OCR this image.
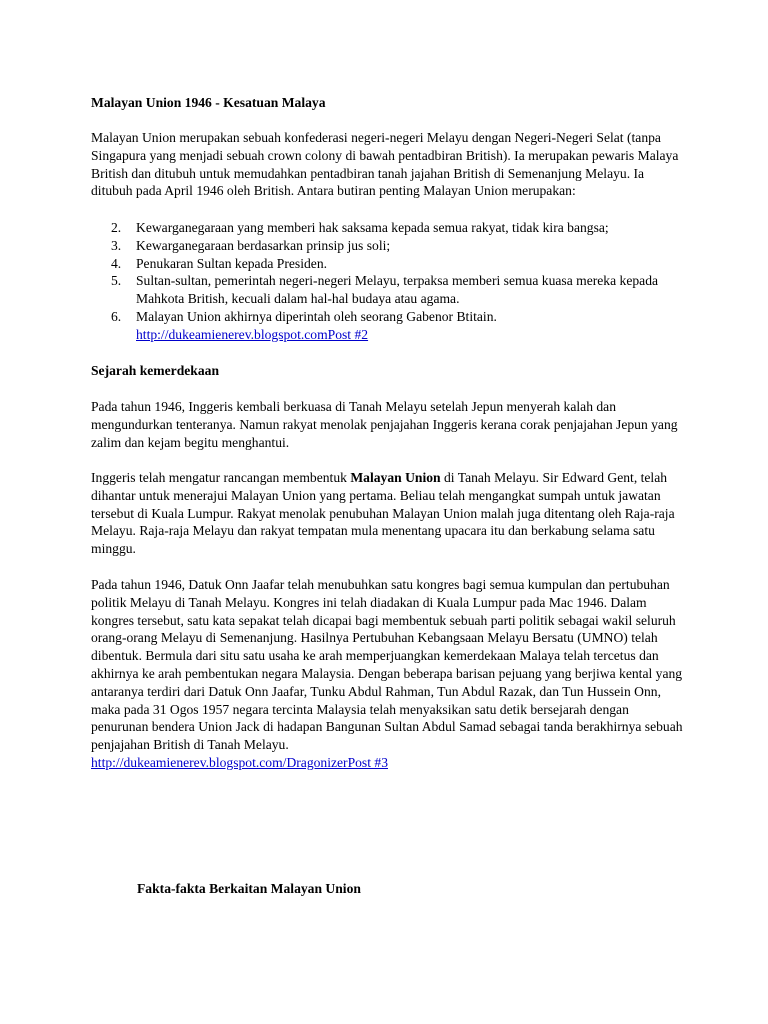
Malayan Union 1946 - Kesatuan Malaya

Malayan Union merupakan sebuah konfederasi negeri-negeri Melayu dengan Negeri-Negeri Selat (tanpa Singapura yang menjadi sebuah crown colony di bawah pentadbiran British). Ia merupakan pewaris Malaya British dan ditubuh untuk memudahkan pentadbiran tanah jajahan British di Semenanjung Melayu. Ia ditubuh pada April 1946 oleh British. Antara butiran penting Malayan Union merupakan:

2. Kewarganegaraan yang memberi hak saksama kepada semua rakyat, tidak kira bangsa;
3. Kewarganegaraan berdasarkan prinsip jus soli;
4. Penukaran Sultan kepada Presiden.
5. Sultan-sultan, pemerintah negeri-negeri Melayu, terpaksa memberi semua kuasa mereka kepada Mahkota British, kecuali dalam hal-hal budaya atau agama.
6. Malayan Union akhirnya diperintah oleh seorang Gabenor Btitain.
http://dukeamienerev.blogspot.comPost #2

Sejarah kemerdekaan

Pada tahun 1946, Inggeris kembali berkuasa di Tanah Melayu setelah Jepun menyerah kalah dan mengundurkan tenteranya. Namun rakyat menolak penjajahan Inggeris kerana corak penjajahan Jepun yang zalim dan kejam begitu menghantui.

Inggeris telah mengatur rancangan membentuk Malayan Union di Tanah Melayu. Sir Edward Gent, telah dihantar untuk menerajui Malayan Union yang pertama. Beliau telah mengangkat sumpah untuk jawatan tersebut di Kuala Lumpur. Rakyat menolak penubuhan Malayan Union malah juga ditentang oleh Raja-raja Melayu. Raja-raja Melayu dan rakyat tempatan mula menentang upacara itu dan berkabung selama satu minggu.

Pada tahun 1946, Datuk Onn Jaafar telah menubuhkan satu kongres bagi semua kumpulan dan pertubuhan politik Melayu di Tanah Melayu. Kongres ini telah diadakan di Kuala Lumpur pada Mac 1946. Dalam kongres tersebut, satu kata sepakat telah dicapai bagi membentuk sebuah parti politik sebagai wakil seluruh orang-orang Melayu di Semenanjung. Hasilnya Pertubuhan Kebangsaan Melayu Bersatu (UMNO) telah dibentuk. Bermula dari situ satu usaha ke arah memperjuangkan kemerdekaan Malaya telah tercetus dan akhirnya ke arah pembentukan negara Malaysia. Dengan beberapa barisan pejuang yang berjiwa kental yang antaranya terdiri dari Datuk Onn Jaafar, Tunku Abdul Rahman, Tun Abdul Razak, dan Tun Hussein Onn, maka pada 31 Ogos 1957 negara tercinta Malaysia telah menyaksikan satu detik bersejarah dengan penurunan bendera Union Jack di hadapan Bangunan Sultan Abdul Samad sebagai tanda berakhirnya sebuah penjajahan British di Tanah Melayu.
http://dukeamienerev.blogspot.com/DragonizerPost #3

Fakta-fakta Berkaitan Malayan Union
